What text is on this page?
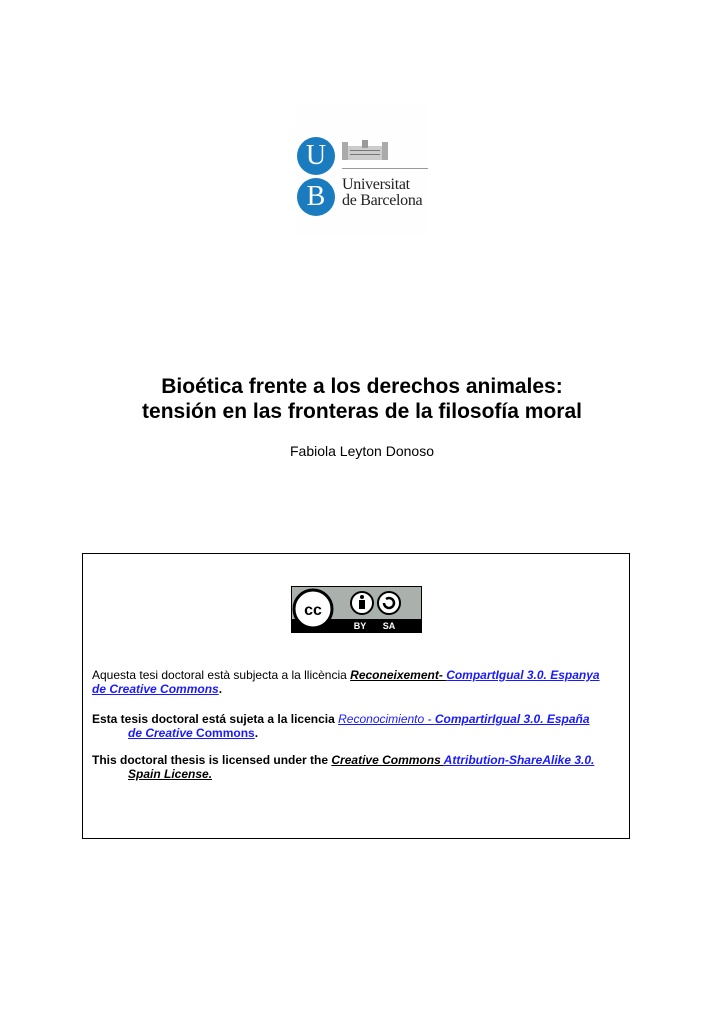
U
B	Universitat
de Barcelona
Bioética frente a los derechos animales:
tensión en las fronteras de la filosofía moral
Fabiola Leyton Donoso
cc
BY SA
Aquesta tesi doctoral està subjecta a la llicència Reconeixement- CompartIgual 3.0. Espanya
de Creative Commons.
Esta tesis doctoral está sujeta a la licencia Reconocimiento - CompartirIgual 3.0. España
de Creative Commons.
This doctoral thesis is licensed under the Creative Commons Attribution-ShareAlike 3.0.
Spain License.
